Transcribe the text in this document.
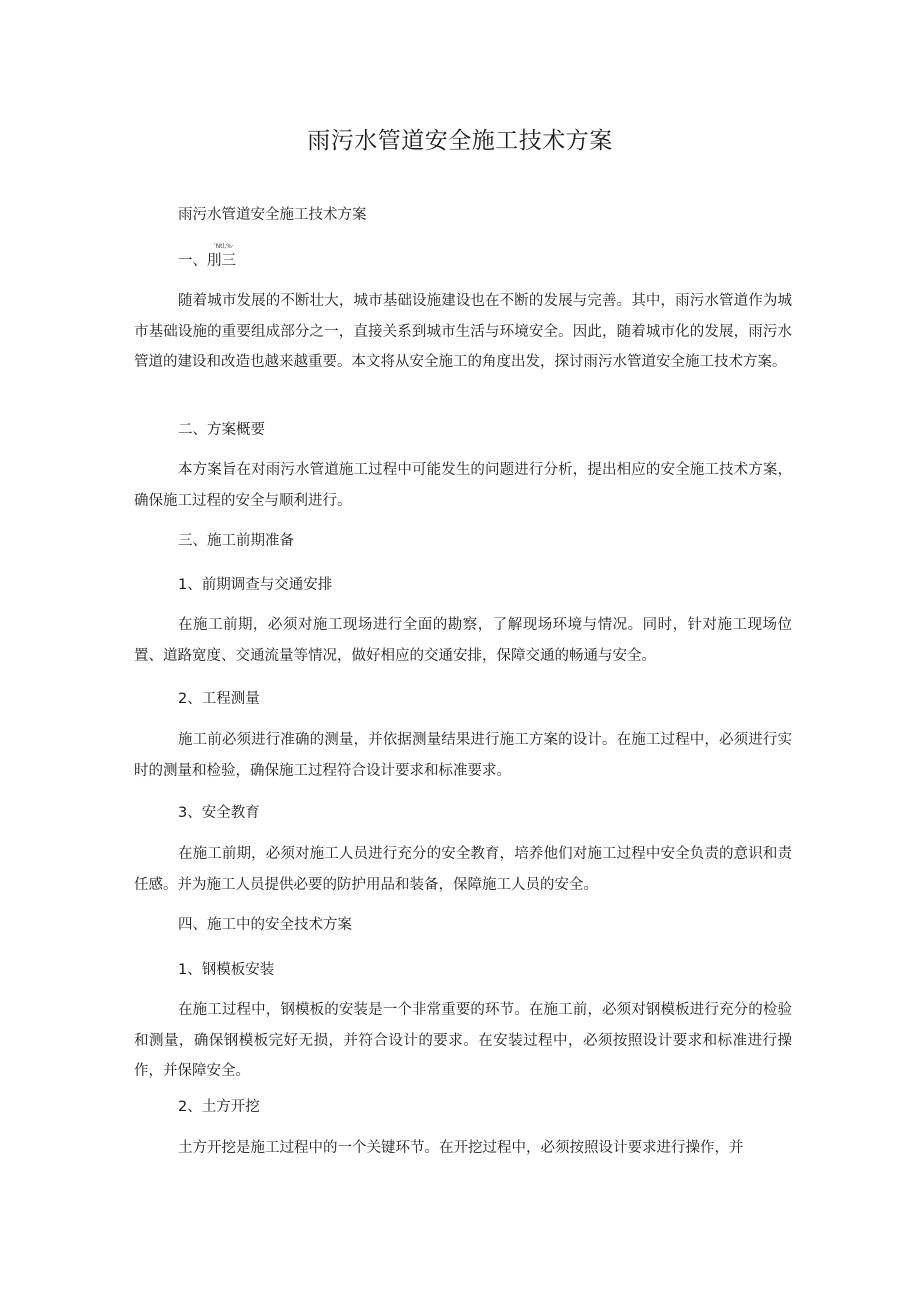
雨污水管道安全施工技术方案

雨污水管道安全施工技术方案

ʹNtl,%·

一、刖三

随着城市发展的不断壮大，城市基础设施建设也在不断的发展与完善。其中，雨污水管道作为城市基础设施的重要组成部分之一，直接关系到城市生活与环境安全。因此，随着城市化的发展，雨污水管道的建设和改造也越来越重要。本文将从安全施工的角度出发，探讨雨污水管道安全施工技术方案。

二、方案概要

本方案旨在对雨污水管道施工过程中可能发生的问题进行分析，提出相应的安全施工技术方案，确保施工过程的安全与顺利进行。

三、施工前期准备

1、前期调查与交通安排

在施工前期，必须对施工现场进行全面的勘察，了解现场环境与情况。同时，针对施工现场位置、道路宽度、交通流量等情况，做好相应的交通安排，保障交通的畅通与安全。

2、工程测量

施工前必须进行准确的测量，并依据测量结果进行施工方案的设计。在施工过程中，必须进行实时的测量和检验，确保施工过程符合设计要求和标准要求。

3、安全教育

在施工前期，必须对施工人员进行充分的安全教育，培养他们对施工过程中安全负责的意识和责任感。并为施工人员提供必要的防护用品和装备，保障施工人员的安全。

四、施工中的安全技术方案

1、钢模板安装

在施工过程中，钢模板的安装是一个非常重要的环节。在施工前，必须对钢模板进行充分的检验和测量，确保钢模板完好无损，并符合设计的要求。在安装过程中，必须按照设计要求和标准进行操作，并保障安全。

2、土方开挖

土方开挖是施工过程中的一个关键环节。在开挖过程中，必须按照设计要求进行操作，并
